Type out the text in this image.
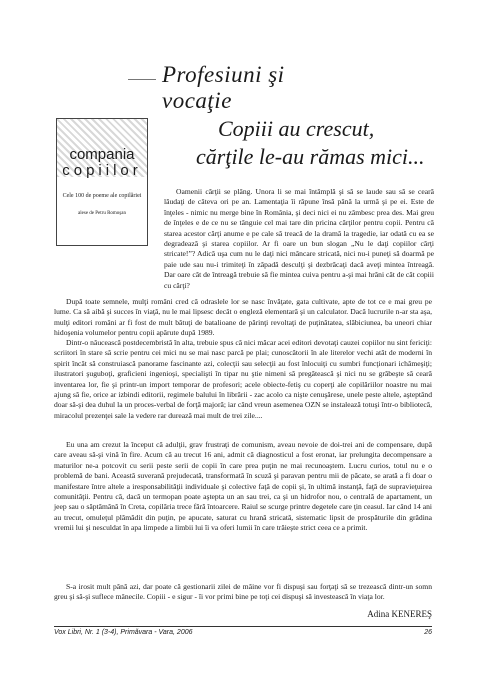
Profesiuni şi vocaţie
compania
copiilor
Cele 100 de poeme ale copilăriei
alese de Petru Romoşan
Copiii au crescut,
cărţile le-au rămas mici...

Oamenii cărţii se plâng. Unora li se mai întâmplă şi să se laude sau să se ceară lăudaţi de câteva ori pe an. Lamentaţia îi răpune însă până la urmă şi pe ei. Este de înţeles - nimic nu merge bine în România, şi deci nici ei nu zâmbesc prea des. Mai greu de înţeles e de ce nu se tânguie cel mai tare din pricina cărţilor pentru copii. Pentru că starea acestor cărţi anume e pe cale să treacă de la dramă la tragedie, iar odată cu ea se degradează şi starea copiilor. Ar fi oare un bun slogan „Nu le daţi copiilor cărţi stricate!”? Adică uşa cum nu le daţi nici mâncare stricată, nici nu-i puneţi să doarmă pe paie ude sau nu-i trimiteţi în zăpadă desculţi şi dezbrăcaţi dacă aveţi mintea întreagă. Dar oare cât de întreagă trebuie să fie mintea cuiva pentru a-şi mai hrăni cât de cât copiii cu cărţi?

După toate semnele, mulţi români cred că odraslele lor se nasc învăţate, gata cultivate, apte de tot ce e mai greu pe lume. Ca să aibă şi succes în viaţă, nu le mai lipsesc decât o engleză elementară şi un calculator. Dacă lucrurile n-ar sta aşa, mulţi editori români ar fi fost de mult bătuţi de batalioane de părinţi revoltaţi de puţinătatea, slăbiciunea, ba uneori chiar hidoşenia volumelor pentru copii apărute după 1989.

Dintr-o năucească postdecembristă în alta, trebuie spus că nici măcar acei editori devotaţi cauzei copiilor nu sint fericiţi: scriitori în stare să scrie pentru cei mici nu se mai nasc parcă pe plai; cunoscătorii în ale literelor vechi atât de moderni în spirit încât să construiască panorame fascinante azi, colecţii sau selecţii au fost înlocuiţi cu sumbri funcţionari ichămeşiţi; ilustratori şuguboţi, graficieni ingenioşi, specialişti în tipar nu ştie nimeni să pregătească şi nici nu se grăbeşte să ceară inventarea lor, fie şi printr-un import temporar de profesori; acele obiecte-fetiş cu coperţi ale copilăriilor noastre nu mai ajung să fie, orice ar izbindi editorii, regimele balului în librării - zac acolo ca nişte cenuşărese, unele peste altele, aşteptând doar să-şi dea duhul la un proces-verbal de forţă majoră; iar când vreun asemenea OZN se instalează totuşi într-o bibliotecă, miracolul prezenţei sale la vedere rar durează mai mult de trei zile....

Eu una am crezut la început că adulţii, grav frustraţi de comunism, aveau nevoie de doi-trei ani de compensare, după care aveau să-şi vină în fire. Acum că au trecut 16 ani, admit că diagnosticul a fost eronat, iar prelungita decompensare a maturilor ne-a potcovit cu serii peste serii de copii în care prea puţin ne mai recunoaştem. Lucru curios, totul nu e o problemă de bani. Această suverană prejudecată, transformată în scuză şi paravan pentru mii de păcate, se arată a fi doar o manifestare între altele a iresponsabilităţii individuale şi colective faţă de copii şi, în ultimă instanţă, faţă de supravieţuirea comunităţii. Pentru că, dacă un termopan poate aştepta un an sau trei, ca şi un hidrofor nou, o centrală de apartament, un jeep sau o săptămână în Creta, copilăria trece fără întoarcere. Raiul se scurge printre degetele care ţin ceasul. Iar când 14 ani au trecut, omuleţul plămădit din puţin, pe apucate, saturat cu hrană stricată, sistematic lipsit de prospăturile din grădina vremii lui şi nesculdat în apa limpede a limbii lui îi va oferi lumii în care trăieşte strict ceea ce a primit.

S-a irosit mult până azi, dar poate că gestionarii zilei de mâine vor fi dispuşi sau forţaţi să se trezească dintr-un somn greu şi să-şi suflece mânecile. Copiii - e sigur - îi vor primi bine pe toţi cei dispuşi să investească în viaţa lor.

Adina KENEREŞ
Vox Libri, Nr. 1 (3-4), Primăvara - Vara, 2006	26
